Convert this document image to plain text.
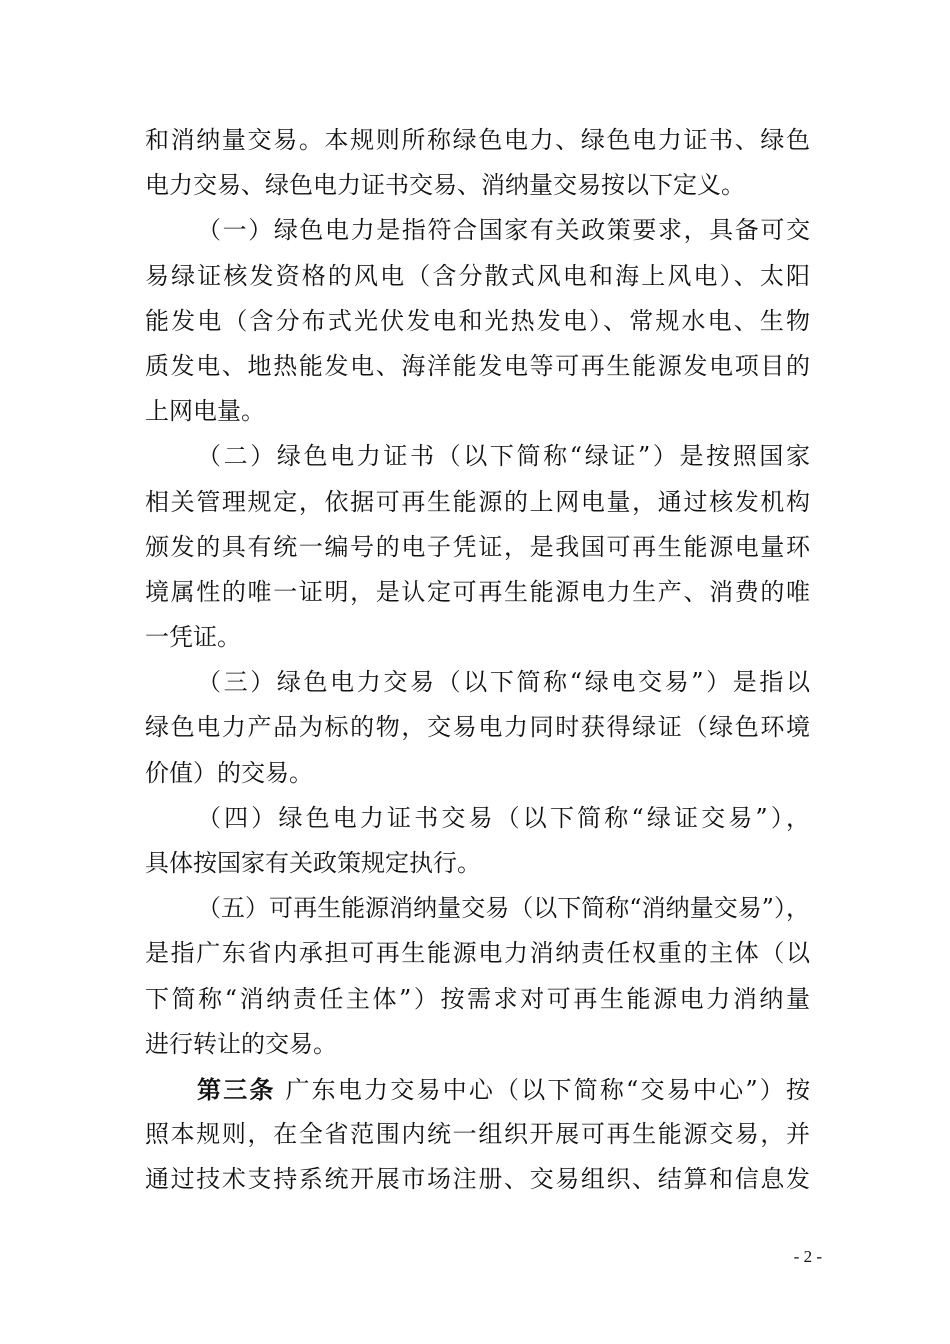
和消纳量交易。本规则所称绿色电力、绿色电力证书、绿色
电力交易、绿色电力证书交易、消纳量交易按以下定义。
（一）绿色电力是指符合国家有关政策要求，具备可交
易绿证核发资格的风电（含分散式风电和海上风电）、太阳
能发电（含分布式光伏发电和光热发电）、常规水电、生物
质发电、地热能发电、海洋能发电等可再生能源发电项目的
上网电量。
（二）绿色电力证书（以下简称“绿证”）是按照国家
相关管理规定，依据可再生能源的上网电量，通过核发机构
颁发的具有统一编号的电子凭证，是我国可再生能源电量环
境属性的唯一证明，是认定可再生能源电力生产、消费的唯
一凭证。
（三）绿色电力交易（以下简称“绿电交易”）是指以
绿色电力产品为标的物，交易电力同时获得绿证（绿色环境
价值）的交易。
（四）绿色电力证书交易（以下简称“绿证交易”），
具体按国家有关政策规定执行。
（五）可再生能源消纳量交易（以下简称“消纳量交易”），
是指广东省内承担可再生能源电力消纳责任权重的主体（以
下简称“消纳责任主体”）按需求对可再生能源电力消纳量
进行转让的交易。
第三条 广东电力交易中心（以下简称“交易中心”）按
照本规则，在全省范围内统一组织开展可再生能源交易，并
通过技术支持系统开展市场注册、交易组织、结算和信息发
- 2 -
